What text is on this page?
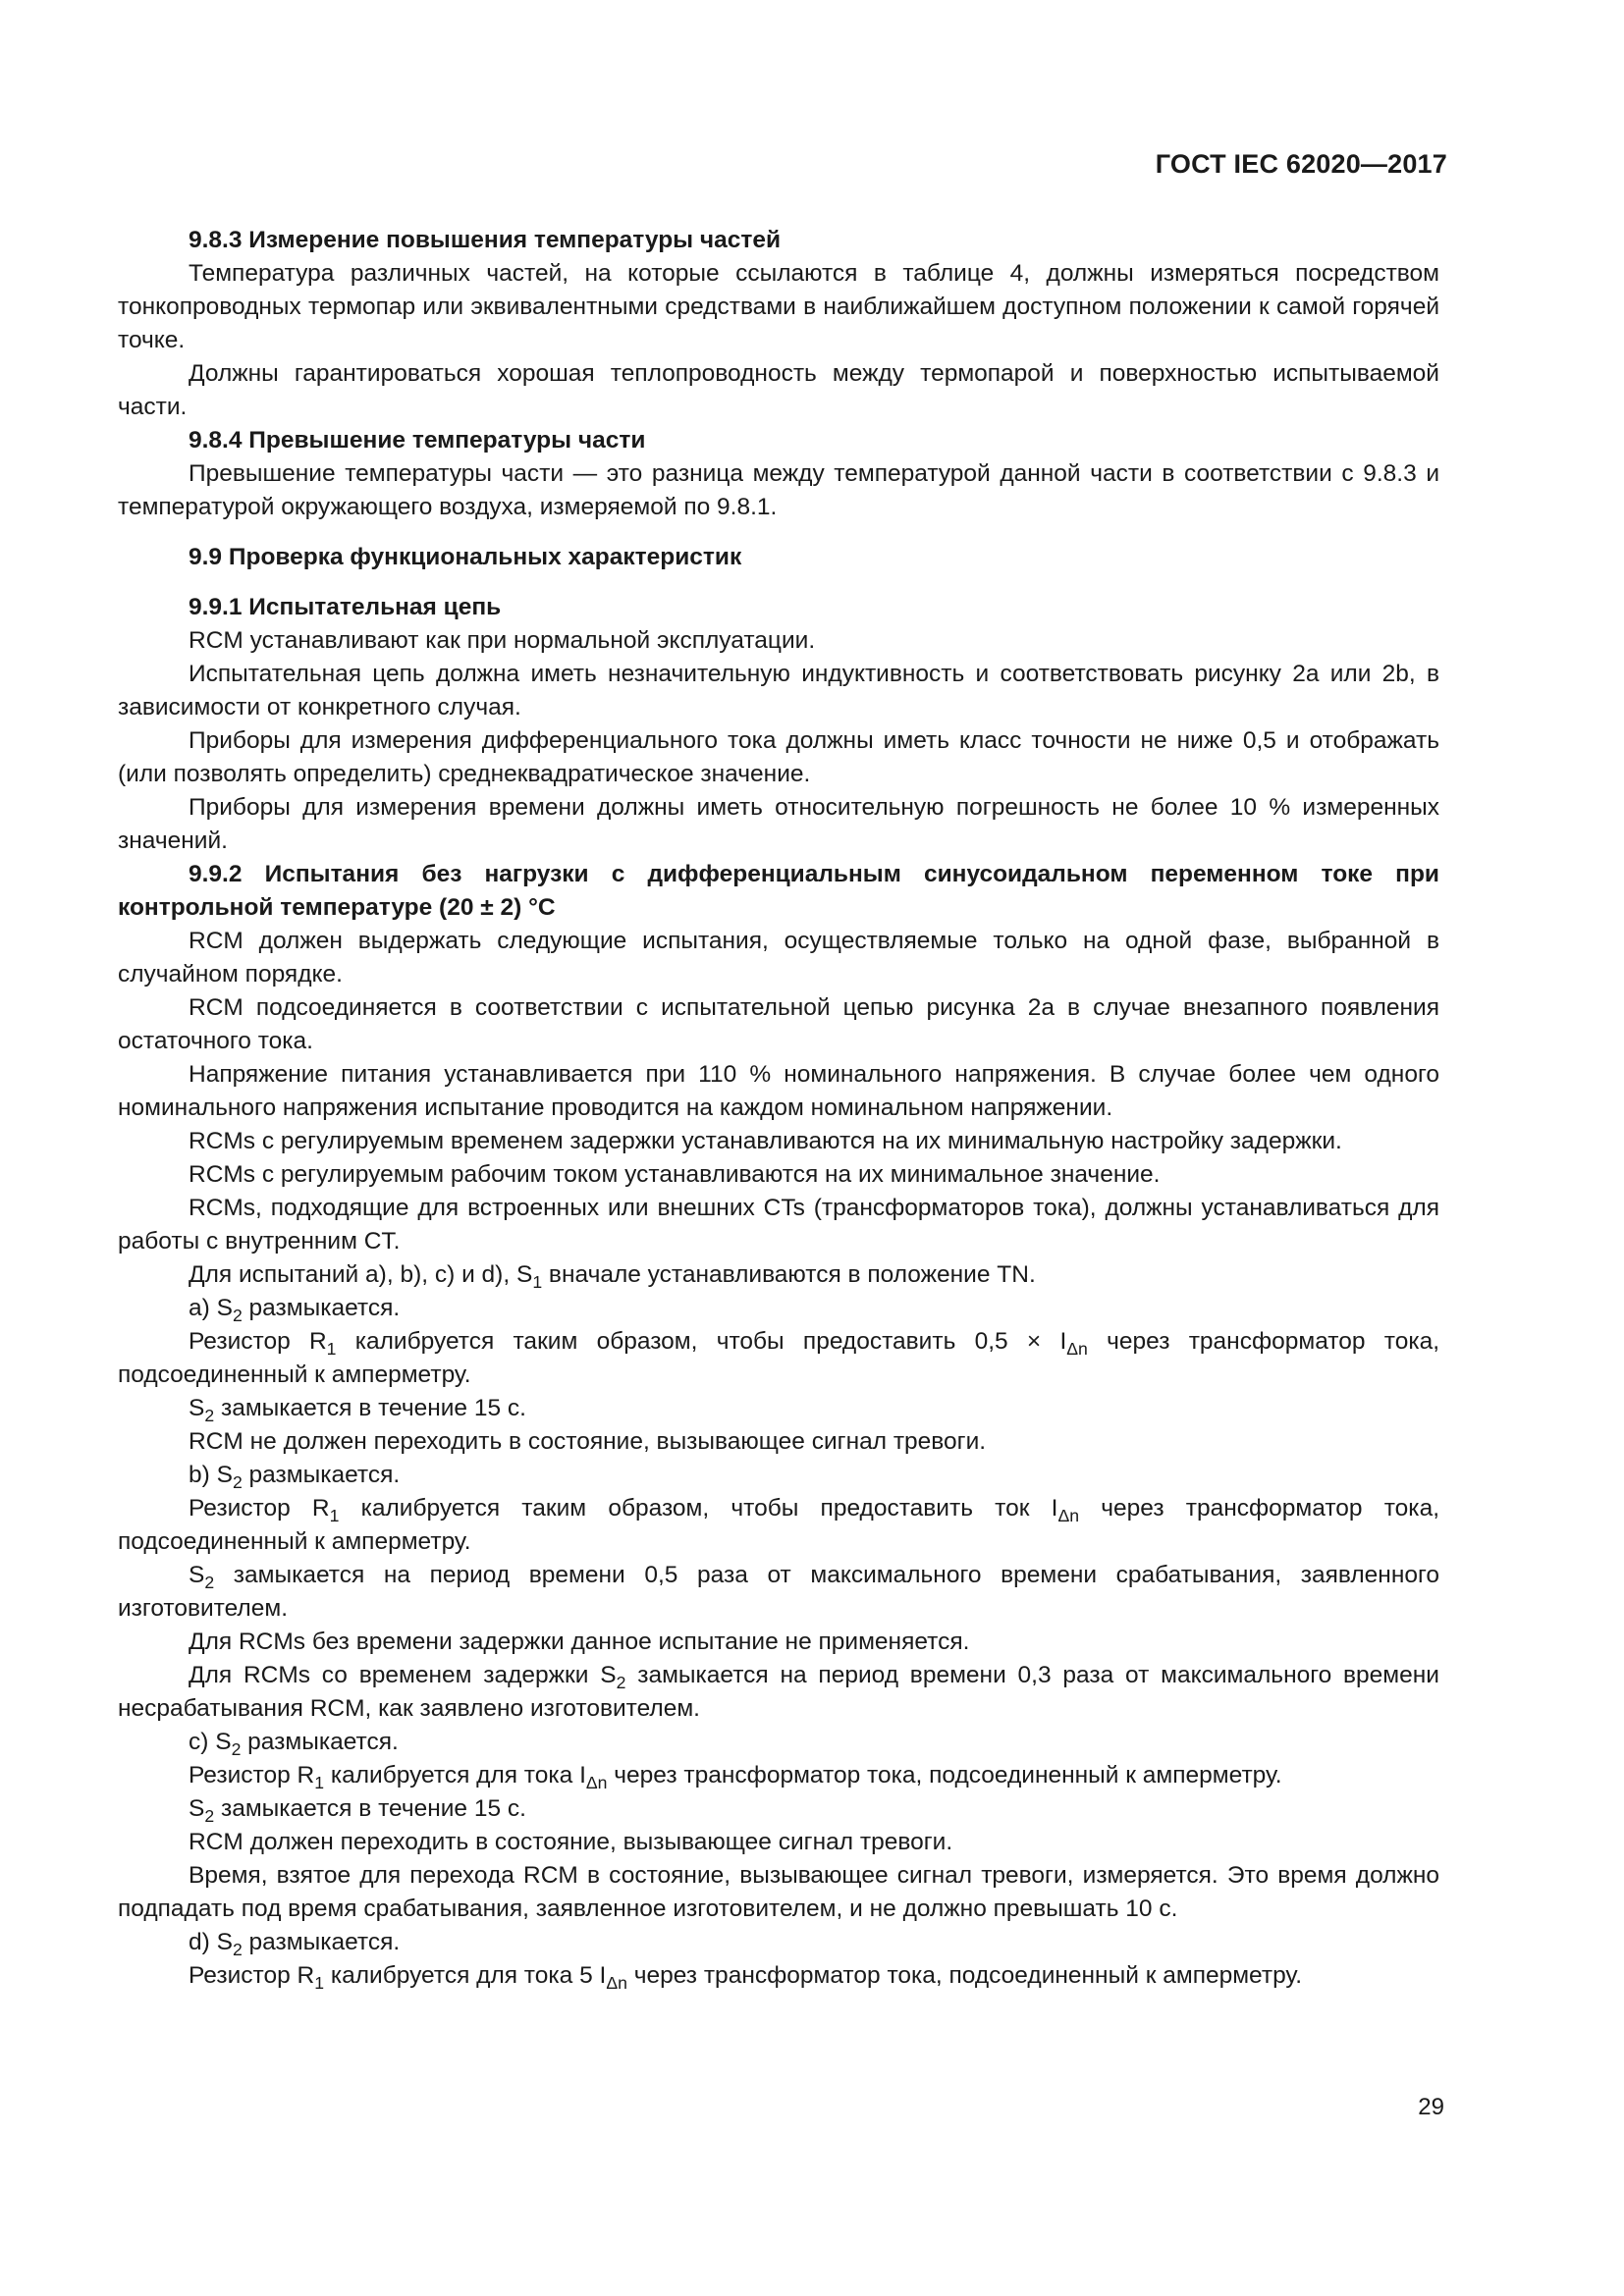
ГОСТ IEC 62020—2017

9.8.3 Измерение повышения температуры частей

Температура различных частей, на которые ссылаются в таблице 4, должны измеряться посредством тонкопроводных термопар или эквивалентными средствами в наиближайшем доступном положении к самой горячей точке.

Должны гарантироваться хорошая теплопроводность между термопарой и поверхностью испытываемой части.

9.8.4 Превышение температуры части

Превышение температуры части — это разница между температурой данной части в соответствии с 9.8.3 и температурой окружающего воздуха, измеряемой по 9.8.1.

9.9 Проверка функциональных характеристик

9.9.1 Испытательная цепь

RCM устанавливают как при нормальной эксплуатации.

Испытательная цепь должна иметь незначительную индуктивность и соответствовать рисунку 2a или 2b, в зависимости от конкретного случая.

Приборы для измерения дифференциального тока должны иметь класс точности не ниже 0,5 и отображать (или позволять определить) среднеквадратическое значение.

Приборы для измерения времени должны иметь относительную погрешность не более 10 % измеренных значений.

9.9.2 Испытания без нагрузки с дифференциальным синусоидальном переменном токе при контрольной температуре (20 ± 2) °C

RCM должен выдержать следующие испытания, осуществляемые только на одной фазе, выбранной в случайном порядке.

RCM подсоединяется в соответствии с испытательной цепью рисунка 2a в случае внезапного появления остаточного тока.

Напряжение питания устанавливается при 110 % номинального напряжения. В случае более чем одного номинального напряжения испытание проводится на каждом номинальном напряжении.

RCMs с регулируемым временем задержки устанавливаются на их минимальную настройку задержки.

RCMs с регулируемым рабочим током устанавливаются на их минимальное значение.

RCMs, подходящие для встроенных или внешних CTs (трансформаторов тока), должны устанавливаться для работы с внутренним CT.

Для испытаний a), b), c) и d), $S_1$ вначале устанавливаются в положение TN.

a) $S_2$ размыкается.

Резистор $R_1$ калибруется таким образом, чтобы предоставить $0,5 \times I_{\Delta n}$ через трансформатор тока, подсоединенный к амперметру.

$S_2$ замыкается в течение 15 с.

RCM не должен переходить в состояние, вызывающее сигнал тревоги.

b) $S_2$ размыкается.

Резистор $R_1$ калибруется таким образом, чтобы предоставить ток $I_{\Delta n}$ через трансформатор тока, подсоединенный к амперметру.

$S_2$ замыкается на период времени 0,5 раза от максимального времени срабатывания, заявленного изготовителем.

Для RCMs без времени задержки данное испытание не применяется.

Для RCMs со временем задержки $S_2$ замыкается на период времени 0,3 раза от максимального времени несрабатывания RCM, как заявлено изготовителем.

c) $S_2$ размыкается.

Резистор $R_1$ калибруется для тока $I_{\Delta n}$ через трансформатор тока, подсоединенный к амперметру.

$S_2$ замыкается в течение 15 с.

RCM должен переходить в состояние, вызывающее сигнал тревоги.

Время, взятое для перехода RCM в состояние, вызывающее сигнал тревоги, измеряется. Это время должно подпадать под время срабатывания, заявленное изготовителем, и не должно превышать 10 с.

d) $S_2$ размыкается.

Резистор $R_1$ калибруется для тока 5 $I_{\Delta n}$ через трансформатор тока, подсоединенный к амперметру.

29
